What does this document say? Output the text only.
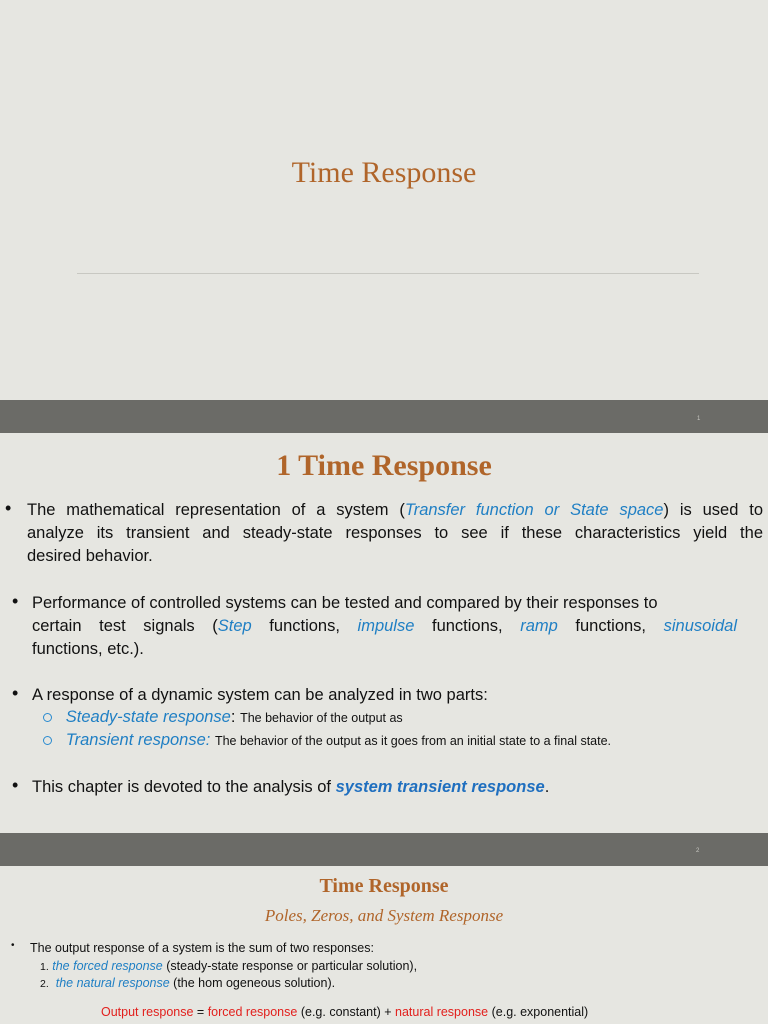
Time Response
1
1 Time Response
• The mathematical representation of a system (Transfer function or State space) is used to
analyze its transient and steady-state responses to see if these characteristics yield the
desired behavior.
• Performance of controlled systems can be tested and compared by their responses to
certain test signals (Step functions, impulse functions, ramp functions, sinusoidal
functions, etc.).
• A response of a dynamic system can be analyzed in two parts:
Steady-state response: The behavior of the output as
Transient response: The behavior of the output as it goes from an initial state to a final state.
• This chapter is devoted to the analysis of system transient response.
2
Time Response
Poles, Zeros, and System Response
• The output response of a system is the sum of two responses:
1. the forced response (steady-state response or particular solution),
2. the natural response (the hom ogeneous solution).
Output response = forced response (e.g. constant) + natural response (e.g. exponential)
